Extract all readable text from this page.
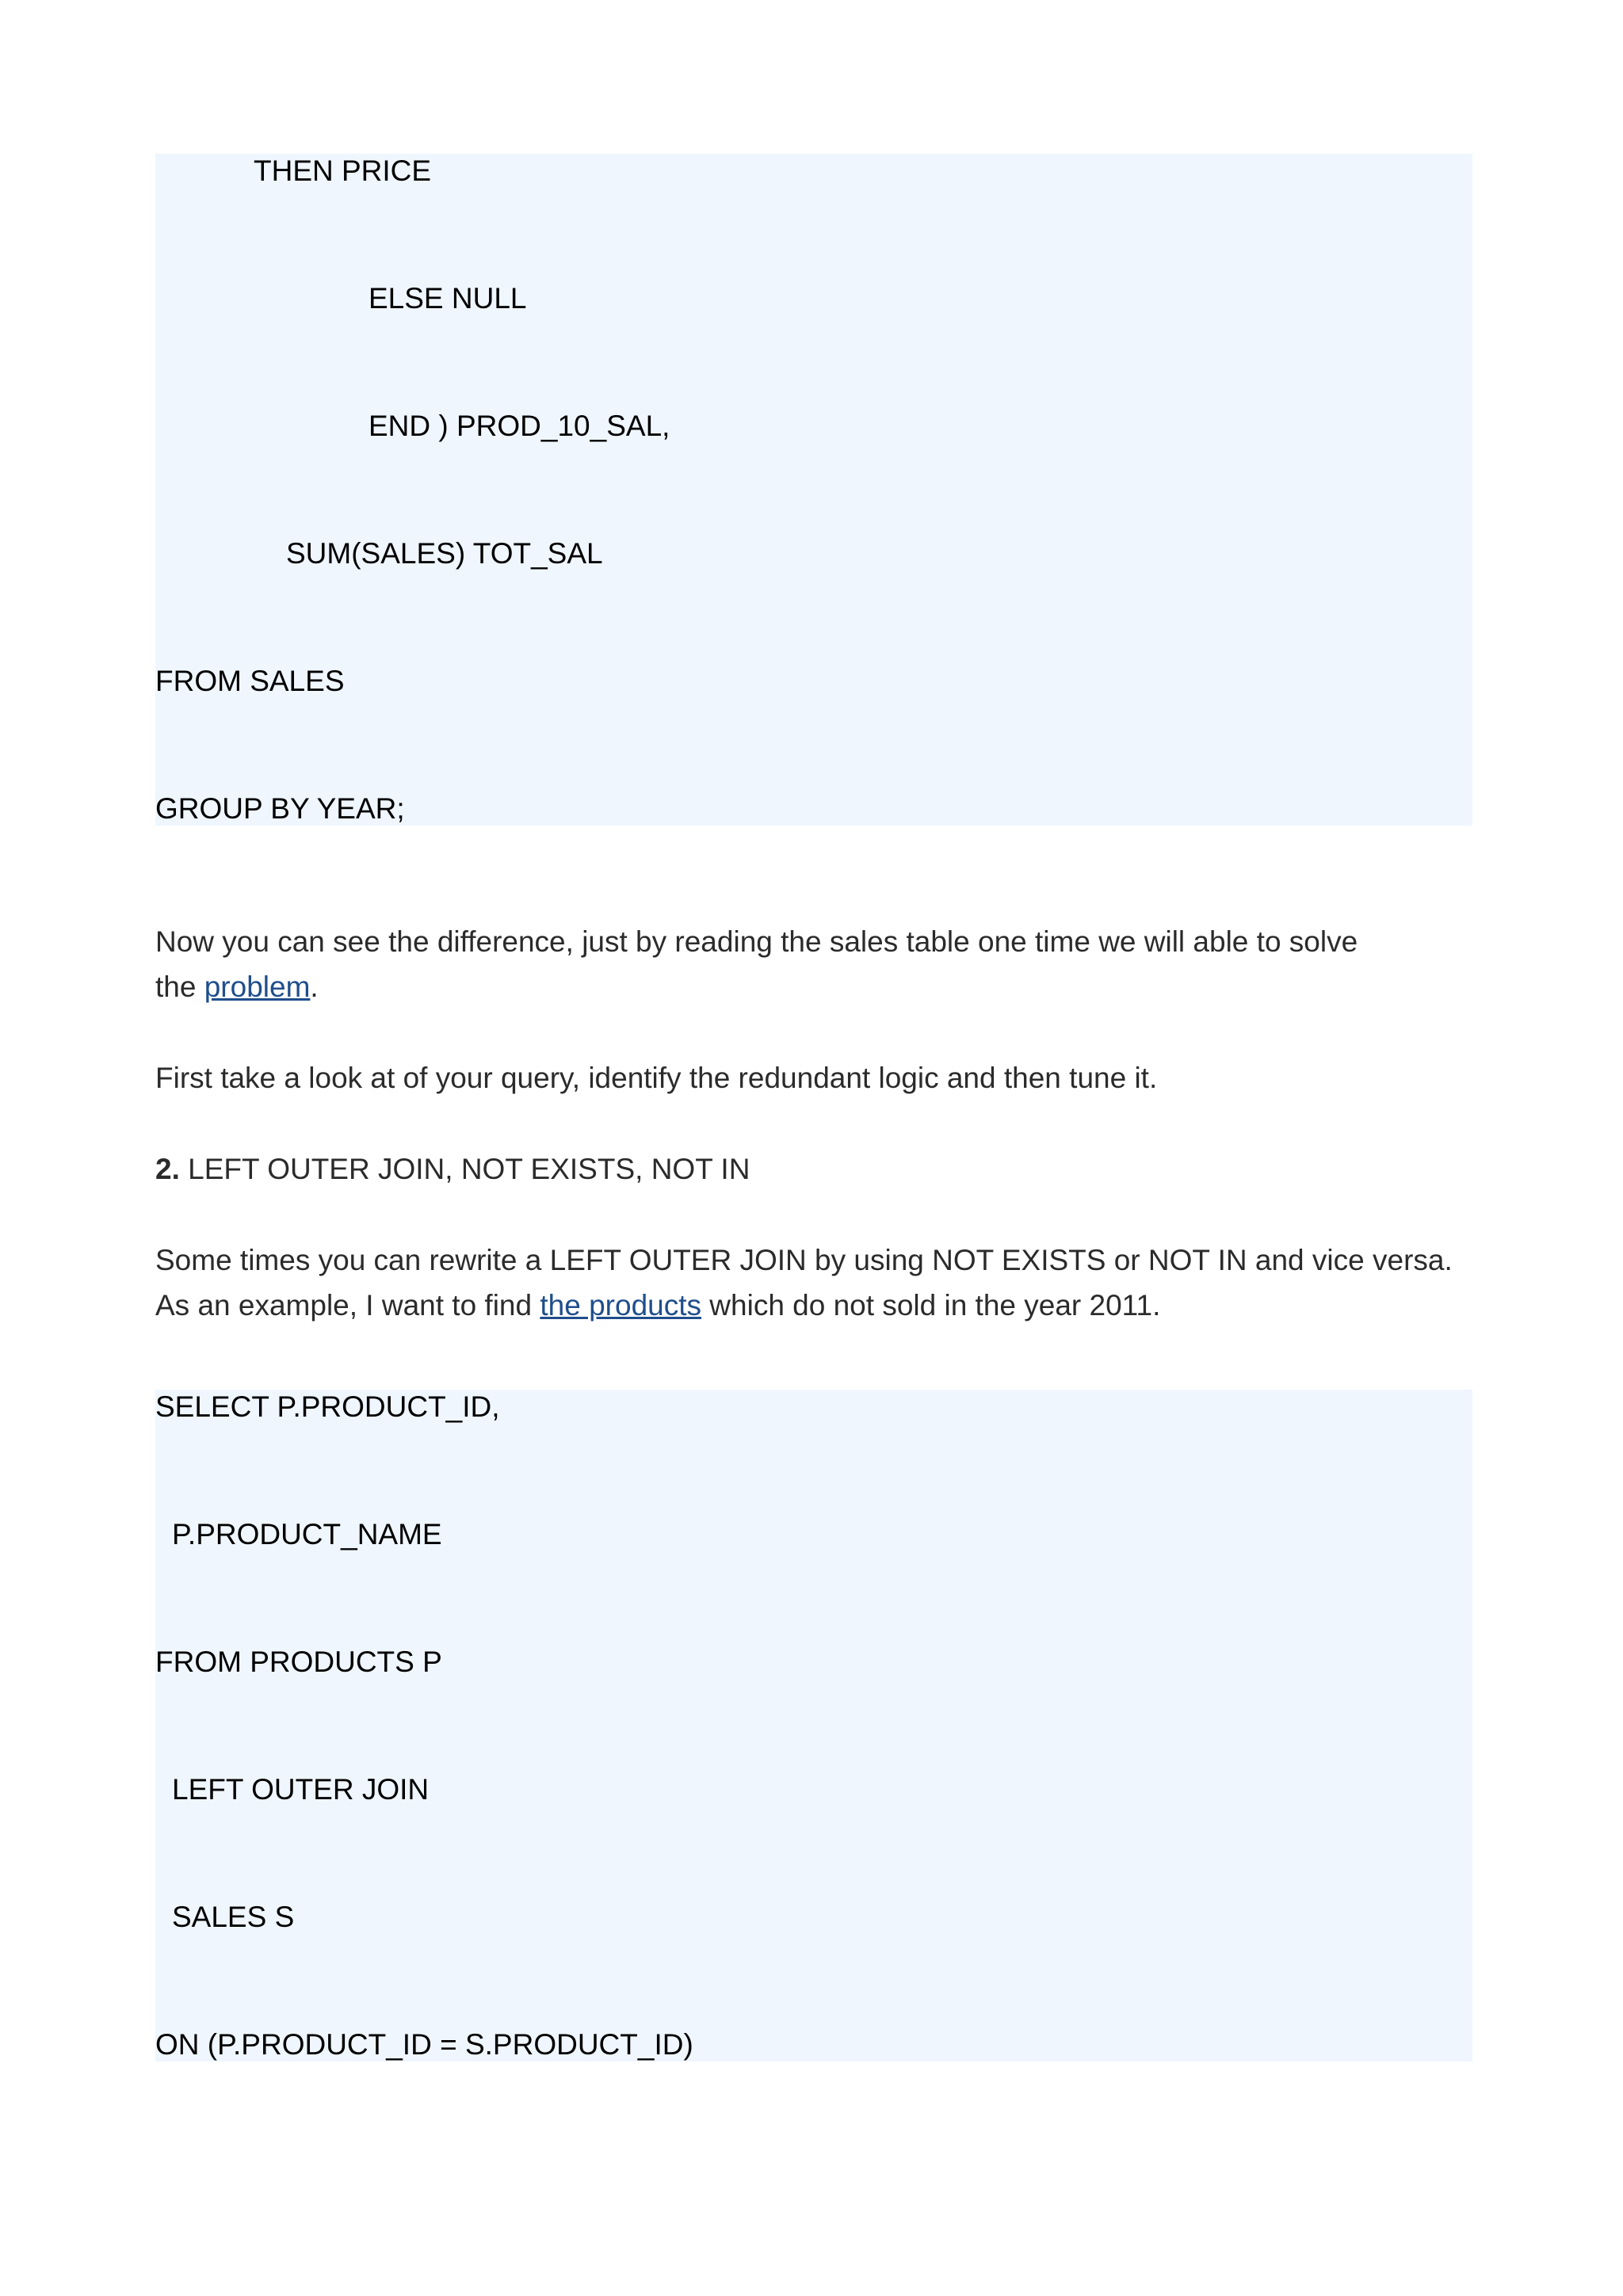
THEN PRICE
ELSE NULL
END ) PROD_10_SAL,
SUM(SALES) TOT_SAL
FROM SALES
GROUP BY YEAR;
Now you can see the difference, just by reading the sales table one time we will able to solve the problem.
First take a look at of your query, identify the redundant logic and then tune it.
2. LEFT OUTER JOIN, NOT EXISTS, NOT IN
Some times you can rewrite a LEFT OUTER JOIN by using NOT EXISTS or NOT IN and vice versa. As an example, I want to find the products which do not sold in the year 2011.
SELECT P.PRODUCT_ID,
P.PRODUCT_NAME
FROM PRODUCTS P
LEFT OUTER JOIN
SALES S
ON (P.PRODUCT_ID = S.PRODUCT_ID)
